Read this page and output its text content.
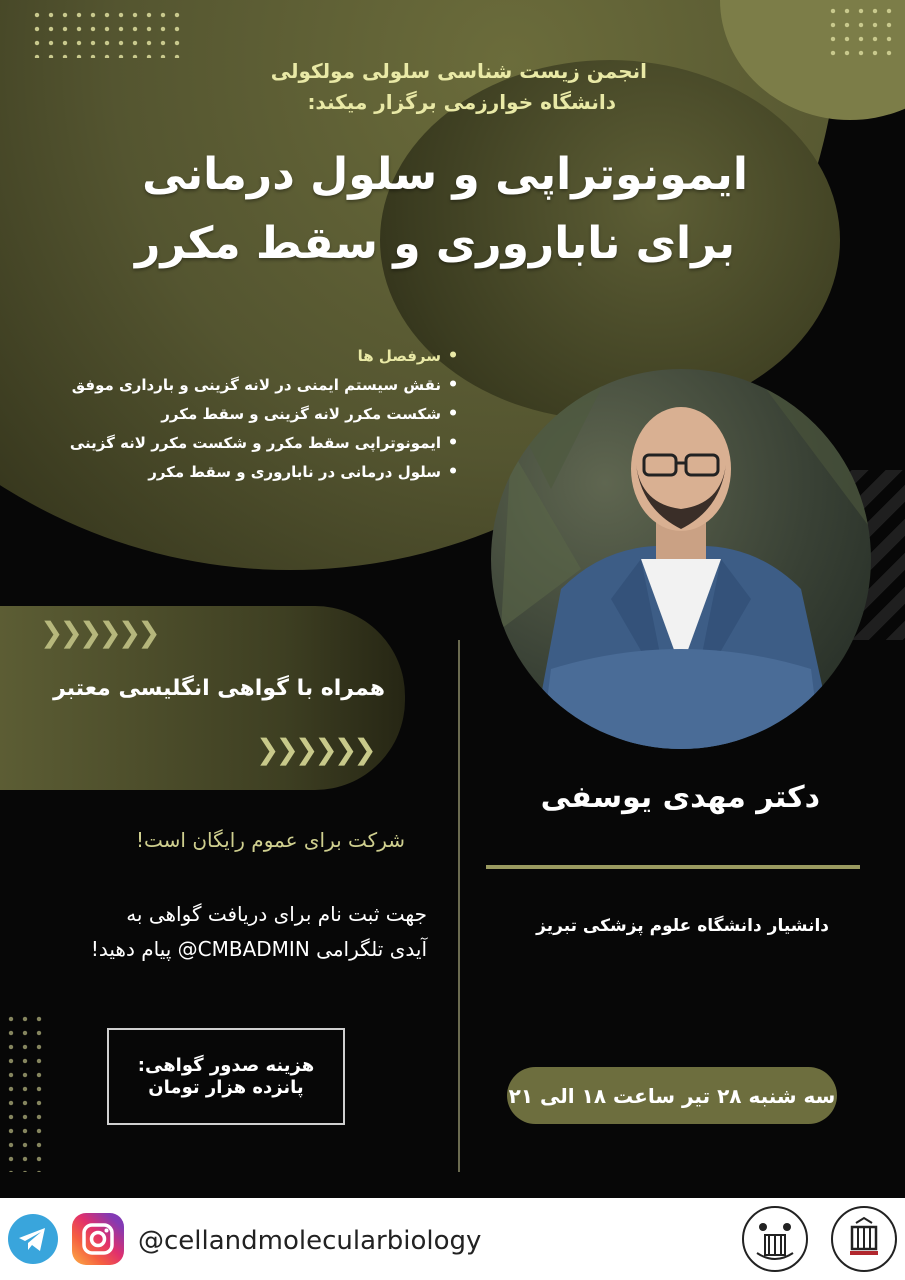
انجمن زیست شناسی سلولی مولکولی
دانشگاه خوارزمی برگزار میکند:
ایمونوتراپی و سلول درمانی
برای ناباروری و سقط مکرر
• سرفصل ها
• نقش سیستم ایمنی در لانه گزینی و بارداری موفق
• شکست مکرر لانه گزینی و سقط مکرر
• ایمونوتراپی سقط مکرر و شکست مکرر لانه گزینی
• سلول درمانی در ناباروری و سقط مکرر
❯❯❯❯❯❯
همراه با گواهی انگلیسی معتبر
❯❯❯❯❯❯
دکتر مهدی یوسفی
دانشیار دانشگاه علوم پزشکی تبریز
شرکت برای عموم رایگان است!
جهت ثبت نام برای دریافت گواهی به
آیدی تلگرامی CMBADMIN@ پیام دهید!
هزینه صدور گواهی:
پانزده هزار تومان	سه شنبه ۲۸ تیر ساعت ۱۸ الی ۲۱
@cellandmolecularbiology
